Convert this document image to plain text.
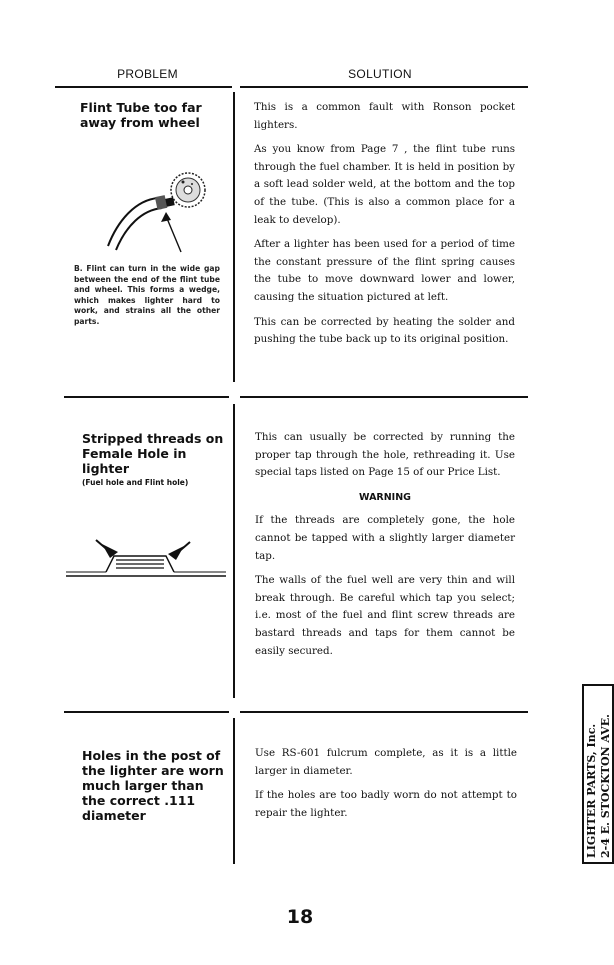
PROBLEM	SOLUTION
Flint Tube too far away from wheel
B. Flint can turn in the wide gap between the end of the flint tube and wheel. This forms a wedge, which makes lighter hard to work, and strains all the other parts.

This is a common fault with Ronson pocket lighters.

As you know from Page 7 , the flint tube runs through the fuel chamber. It is held in position by a soft lead solder weld, at the bottom and the top of the tube. (This is also a common place for a leak to develop).

After a lighter has been used for a period of time the constant pressure of the flint spring causes the tube to move downward lower and lower, causing the situation pictured at left.

This can be corrected by heating the solder and pushing the tube back up to its original position.

Stripped threads on Female Hole in lighter
(Fuel hole and Flint hole)

This can usually be corrected by running the proper tap through the hole, rethreading it. Use special taps listed on Page 15 of our Price List.

WARNING

If the threads are completely gone, the hole cannot be tapped with a slightly larger diameter tap.

The walls of the fuel well are very thin and will break through. Be careful which tap you select; i.e. most of the fuel and flint screw threads are bastard threads and taps for them cannot be easily secured.

Holes in the post of the lighter are worn much larger than the correct .111 diameter

Use RS-601 fulcrum complete, as it is a little larger in diameter.

If the holes are too badly worn do not attempt to repair the lighter.

18
LIGHTER PARTS, Inc. 2-4 E. STOCKTON AVE.
